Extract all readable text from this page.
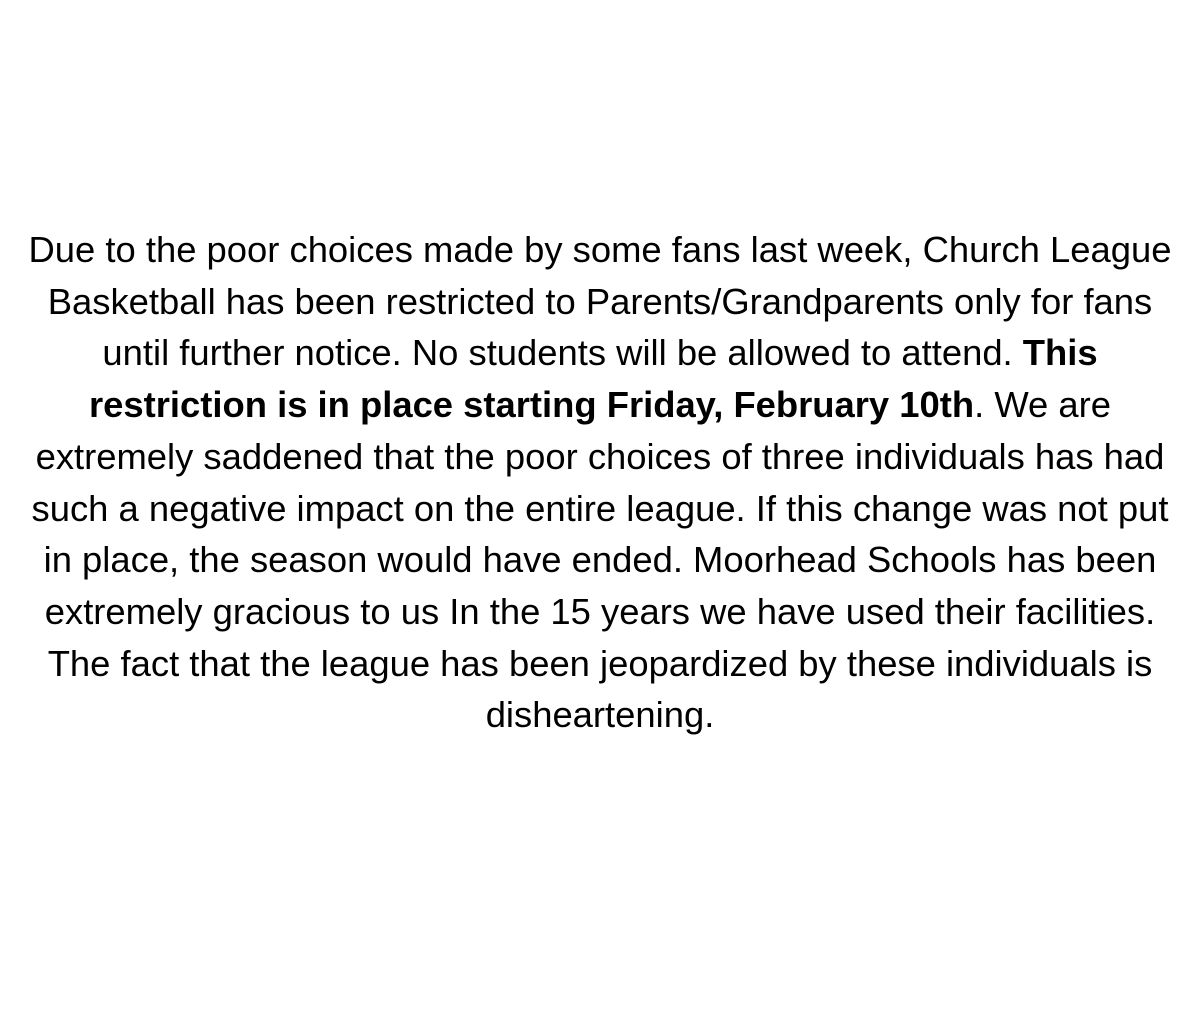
Due to the poor choices made by some fans last week, Church League Basketball has been restricted to Parents/Grandparents only for fans until further notice. No students will be allowed to attend. This restriction is in place starting Friday, February 10th. We are extremely saddened that the poor choices of three individuals has had such a negative impact on the entire league. If this change was not put in place, the season would have ended. Moorhead Schools has been extremely gracious to us In the 15 years we have used their facilities. The fact that the league has been jeopardized by these individuals is disheartening.
